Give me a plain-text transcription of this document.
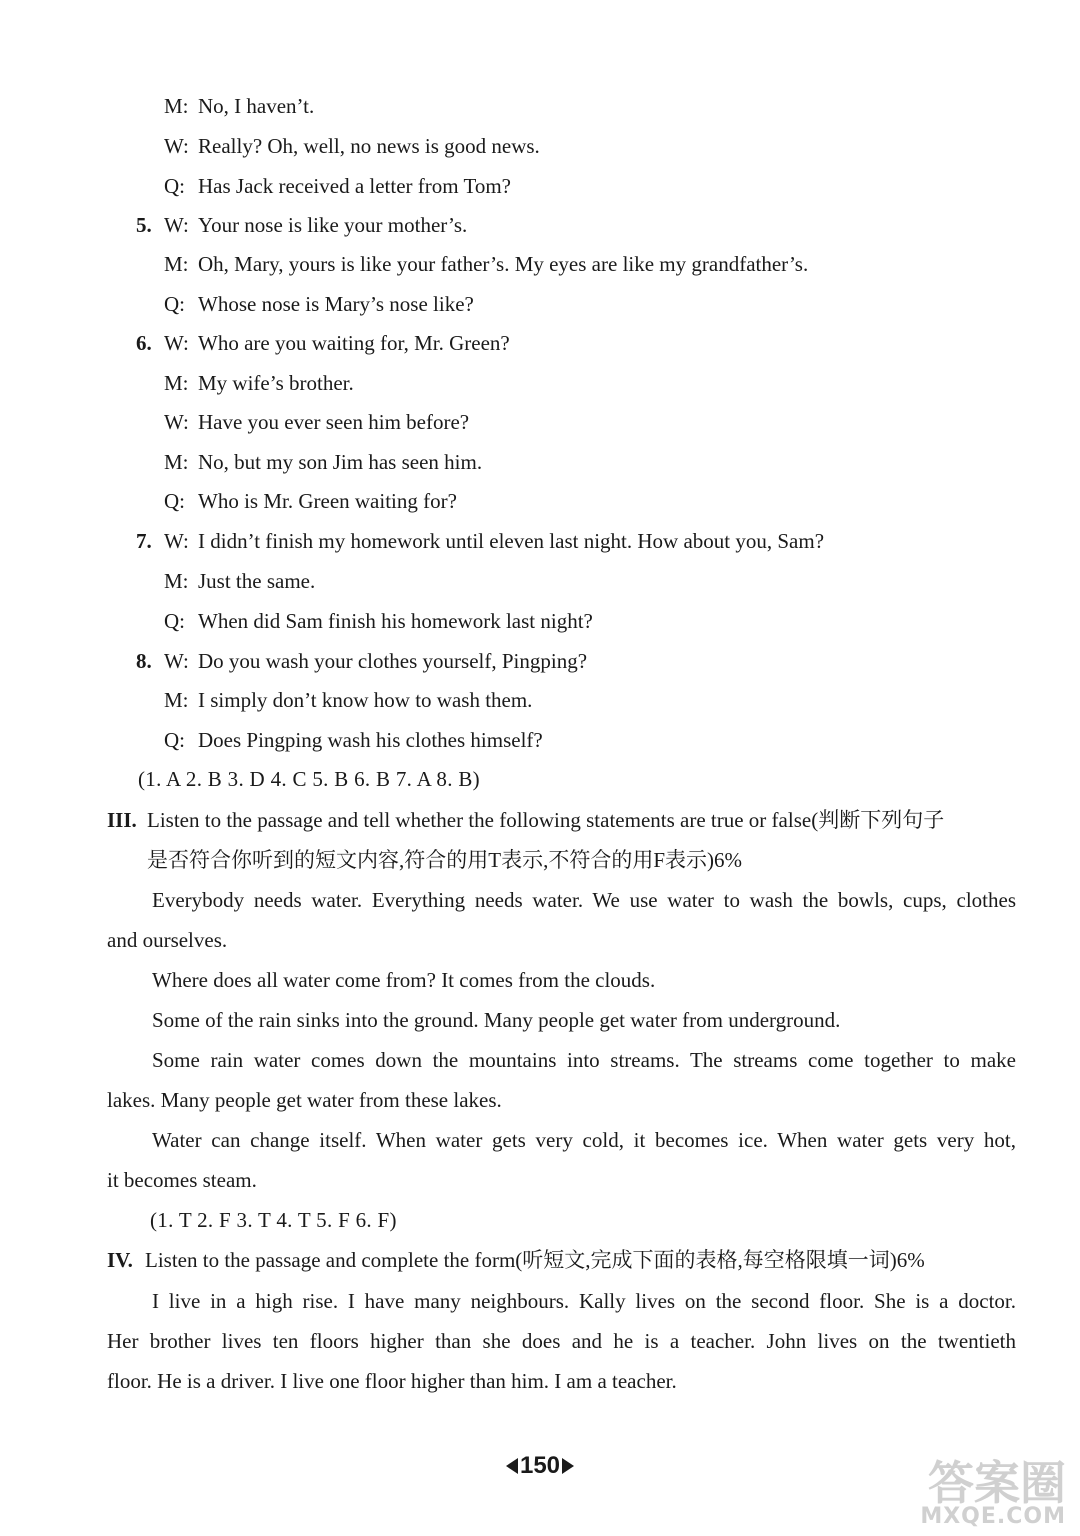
M: No, I haven’t.
W: Really? Oh, well, no news is good news.
Q: Has Jack received a letter from Tom?
5. W: Your nose is like your mother’s.
M: Oh, Mary, yours is like your father’s. My eyes are like my grandfather’s.
Q: Whose nose is Mary’s nose like?
6. W: Who are you waiting for, Mr. Green?
M: My wife’s brother.
W: Have you ever seen him before?
M: No, but my son Jim has seen him.
Q: Who is Mr. Green waiting for?
7. W: I didn’t finish my homework until eleven last night. How about you, Sam?
M: Just the same.
Q: When did Sam finish his homework last night?
8. W: Do you wash your clothes yourself, Pingping?
M: I simply don’t know how to wash them.
Q: Does Pingping wash his clothes himself?
(1. A 2. B 3. D 4. C 5. B 6. B 7. A 8. B)
III. Listen to the passage and tell whether the following statements are true or false(判断下列句子
是否符合你听到的短文内容,符合的用T表示,不符合的用F表示)6%
Everybody needs water. Everything needs water. We use water to wash the bowls, cups, clothes
and ourselves.
Where does all water come from? It comes from the clouds.
Some of the rain sinks into the ground. Many people get water from underground.
Some rain water comes down the mountains into streams. The streams come together to make
lakes. Many people get water from these lakes.
Water can change itself. When water gets very cold, it becomes ice. When water gets very hot,
it becomes steam.
(1. T 2. F 3. T 4. T 5. F 6. F)
IV. Listen to the passage and complete the form(听短文,完成下面的表格,每空格限填一词)6%
I live in a high rise. I have many neighbours. Kally lives on the second floor. She is a doctor.
Her brother lives ten floors higher than she does and he is a teacher. John lives on the twentieth
floor. He is a driver. I live one floor higher than him. I am a teacher.
150	答案圈
MXQE.COM
